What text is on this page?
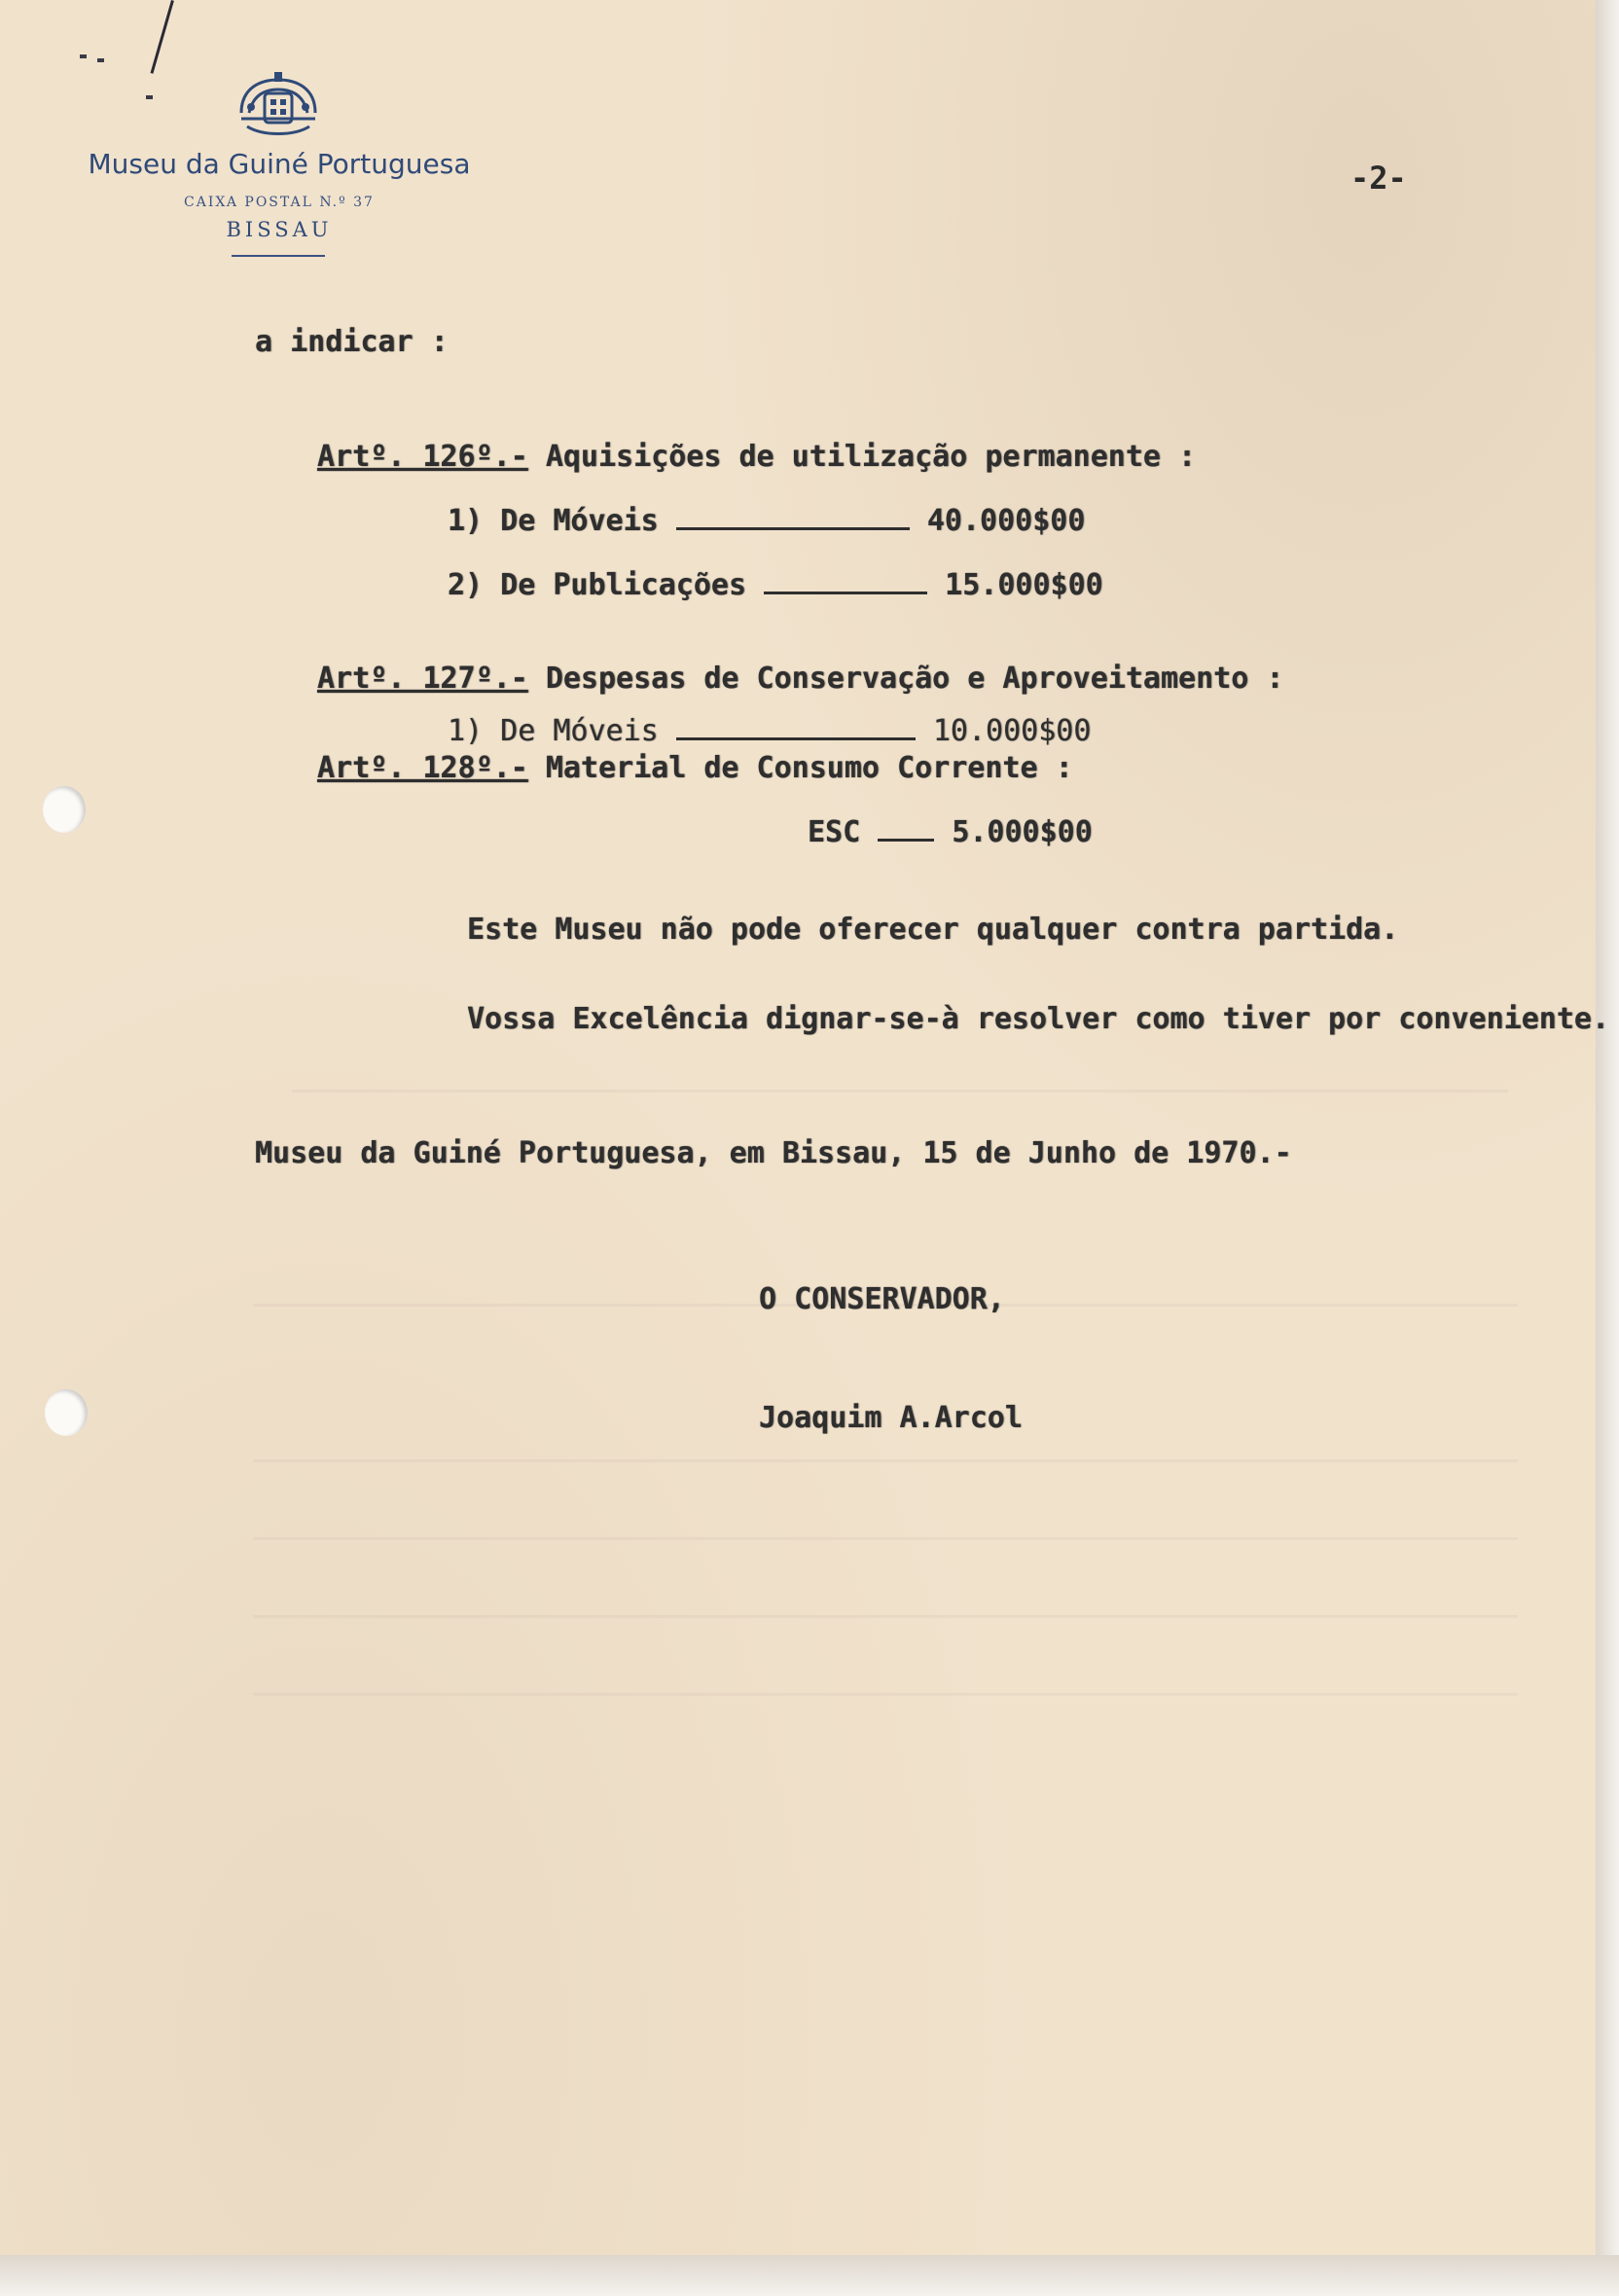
Museu da Guiné Portuguesa
CAIXA POSTAL N.º 37
BISSAU
-2-
a indicar :
Artº. 126º.- Aquisições de utilização permanente :
1) De Móveis	40.000$00
2) De Publicações	15.000$00
Artº. 127º.- Despesas de Conservação e Aproveitamento :
1) De Móveis	10.000$00
Artº. 128º.- Material de Consumo Corrente :
ESC	5.000$00
Este Museu não pode oferecer qualquer contra partida.
Vossa Excelência dignar-se-à resolver como tiver por conveniente.
Museu da Guiné Portuguesa, em Bissau, 15 de Junho de 1970.-
O CONSERVADOR,
Joaquim A.Arcol
